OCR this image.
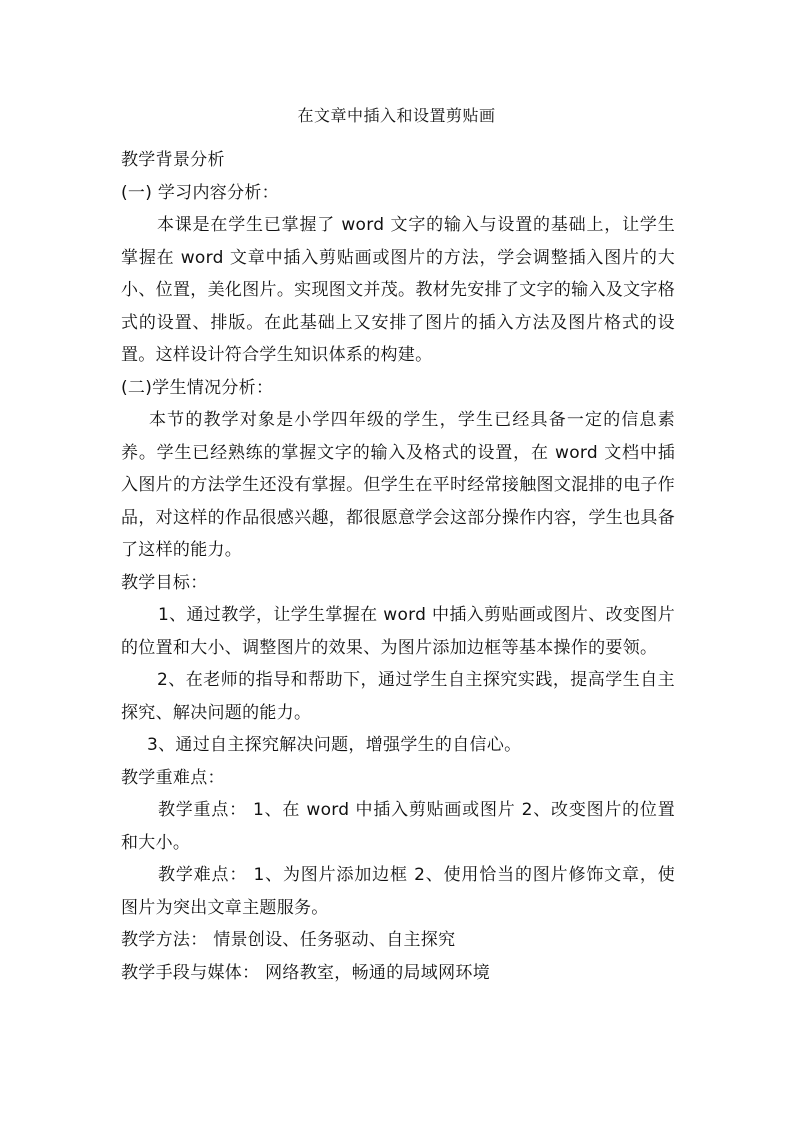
在文章中插入和设置剪贴画

教学背景分析

(一) 学习内容分析：

本课是在学生已掌握了 word 文字的输入与设置的基础上，让学生掌握在 word 文章中插入剪贴画或图片的方法，学会调整插入图片的大小、位置，美化图片。实现图文并茂。教材先安排了文字的输入及文字格式的设置、排版。在此基础上又安排了图片的插入方法及图片格式的设置。这样设计符合学生知识体系的构建。

(二)学生情况分析：

本节的教学对象是小学四年级的学生，学生已经具备一定的信息素养。学生已经熟练的掌握文字的输入及格式的设置，在 word 文档中插入图片的方法学生还没有掌握。但学生在平时经常接触图文混排的电子作品，对这样的作品很感兴趣，都很愿意学会这部分操作内容，学生也具备了这样的能力。

教学目标：

1、通过教学，让学生掌握在 word 中插入剪贴画或图片、改变图片的位置和大小、调整图片的效果、为图片添加边框等基本操作的要领。

2、在老师的指导和帮助下，通过学生自主探究实践，提高学生自主探究、解决问题的能力。

3、通过自主探究解决问题，增强学生的自信心。

教学重难点：

教学重点： 1、在 word 中插入剪贴画或图片 2、改变图片的位置和大小。

教学难点： 1、为图片添加边框 2、使用恰当的图片修饰文章，使图片为突出文章主题服务。

教学方法： 情景创设、任务驱动、自主探究

教学手段与媒体： 网络教室，畅通的局域网环境
